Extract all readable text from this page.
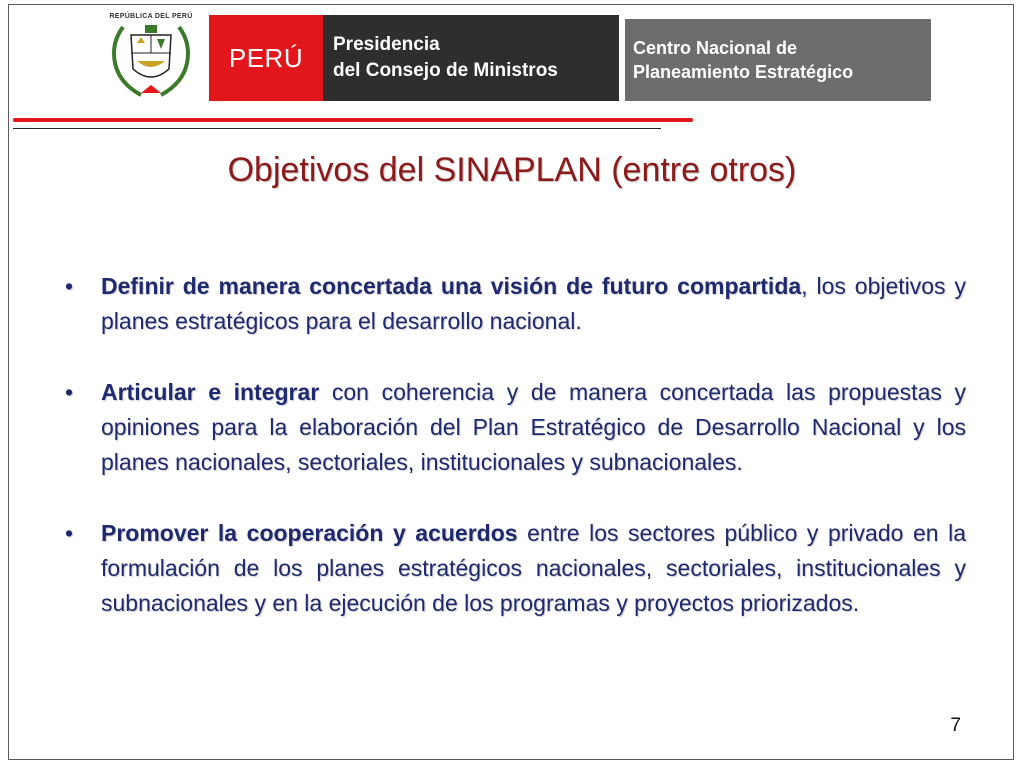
REPÚBLICA DEL PERÚ
PERÚ Presidencia
del Consejo de Ministros
Centro Nacional de
Planeamiento Estratégico
Objetivos del SINAPLAN (entre otros)
• Definir de manera concertada una visión de futuro compartida, los objetivos y planes estratégicos para el desarrollo nacional.
• Articular e integrar con coherencia y de manera concertada las propuestas y opiniones para la elaboración del Plan Estratégico de Desarrollo Nacional y los planes nacionales, sectoriales, institucionales y subnacionales.
• Promover la cooperación y acuerdos entre los sectores público y privado en la formulación de los planes estratégicos nacionales, sectoriales, institucionales y subnacionales y en la ejecución de los programas y proyectos priorizados.
7
